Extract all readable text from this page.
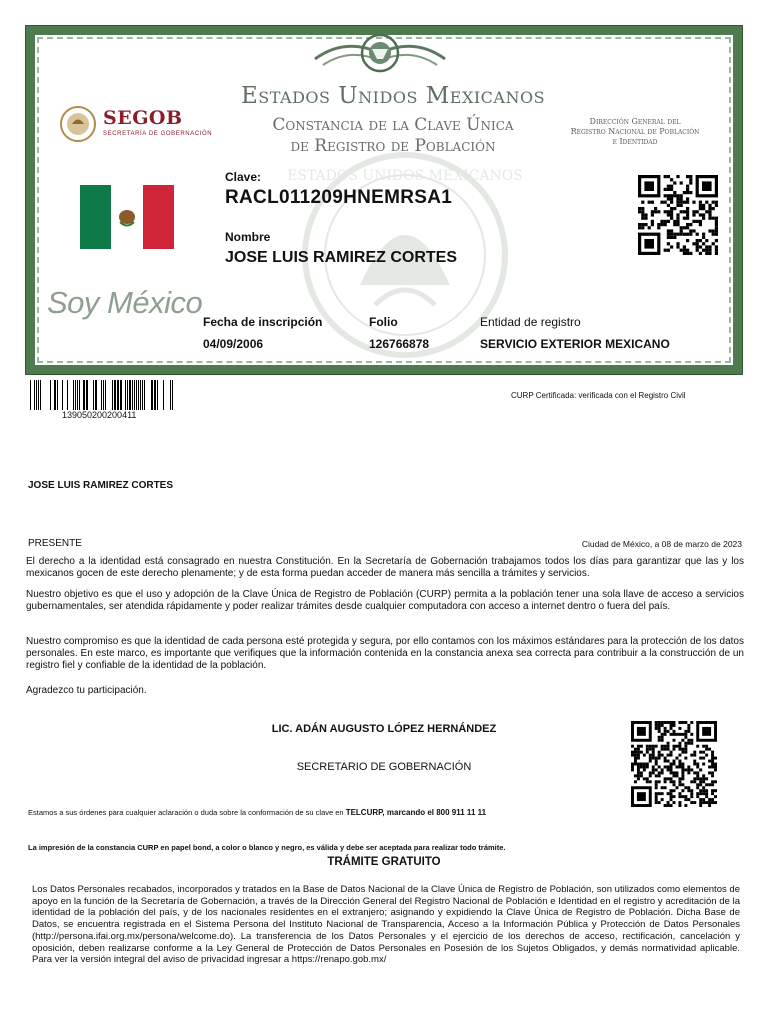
ESTADOS UNIDOS MEXICANOS
Estados Unidos Mexicanos
Constancia de la Clave Única
de Registro de Población
SEGOB
SECRETARÍA DE GOBERNACIÓN
Dirección General del
Registro Nacional de Población
e Identidad
Soy México
Clave:
RACL011209HNEMRSA1
Nombre
JOSE LUIS RAMIREZ CORTES
Fecha de inscripción
04/09/2006
Folio
126766878
Entidad de registro
SERVICIO EXTERIOR MEXICANO
139050200200411
CURP Certificada: verificada con el Registro Civil
JOSE LUIS RAMIREZ CORTES
PRESENTE	Ciudad de México, a 08 de marzo de 2023

El derecho a la identidad está consagrado en nuestra Constitución. En la Secretaría de Gobernación trabajamos todos los días para garantizar que las y los mexicanos gocen de este derecho plenamente; y de esta forma puedan acceder de manera más sencilla a trámites y servicios.

Nuestro objetivo es que el uso y adopción de la Clave Única de Registro de Población (CURP) permita a la población tener una sola llave de acceso a servicios gubernamentales, ser atendida rápidamente y poder realizar trámites desde cualquier computadora con acceso a internet dentro o fuera del país.

Nuestro compromiso es que la identidad de cada persona esté protegida y segura, por ello contamos con los máximos estándares para la protección de los datos personales. En este marco, es importante que verifiques que la información contenida en la constancia anexa sea correcta para contribuir a la construcción de un registro fiel y confiable de la identidad de la población.

Agradezco tu participación.

LIC. ADÁN AUGUSTO LÓPEZ HERNÁNDEZ
SECRETARIO DE GOBERNACIÓN
Estamos a sus órdenes para cualquier aclaración o duda sobre la conformación de su clave en TELCURP, marcando el 800 911 11 11
La impresión de la constancia CURP en papel bond, a color o blanco y negro, es válida y debe ser aceptada para realizar todo trámite.
TRÁMITE GRATUITO

Los Datos Personales recabados, incorporados y tratados en la Base de Datos Nacional de la Clave Única de Registro de Población, son utilizados como elementos de apoyo en la función de la Secretaría de Gobernación, a través de la Dirección General del Registro Nacional de Población e Identidad en el registro y acreditación de la identidad de la población del país, y de los nacionales residentes en el extranjero; asignando y expidiendo la Clave Única de Registro de Población. Dicha Base de Datos, se encuentra registrada en el Sistema Persona del Instituto Nacional de Transparencia, Acceso a la Información Pública y Protección de Datos Personales (http://persona.ifai.org.mx/persona/welcome.do). La transferencia de los Datos Personales y el ejercicio de los derechos de acceso, rectificación, cancelación y oposición, deben realizarse conforme a la Ley General de Protección de Datos Personales en Posesión de los Sujetos Obligados, y demás normatividad aplicable. Para ver la versión integral del aviso de privacidad ingresar a https://renapo.gob.mx/
